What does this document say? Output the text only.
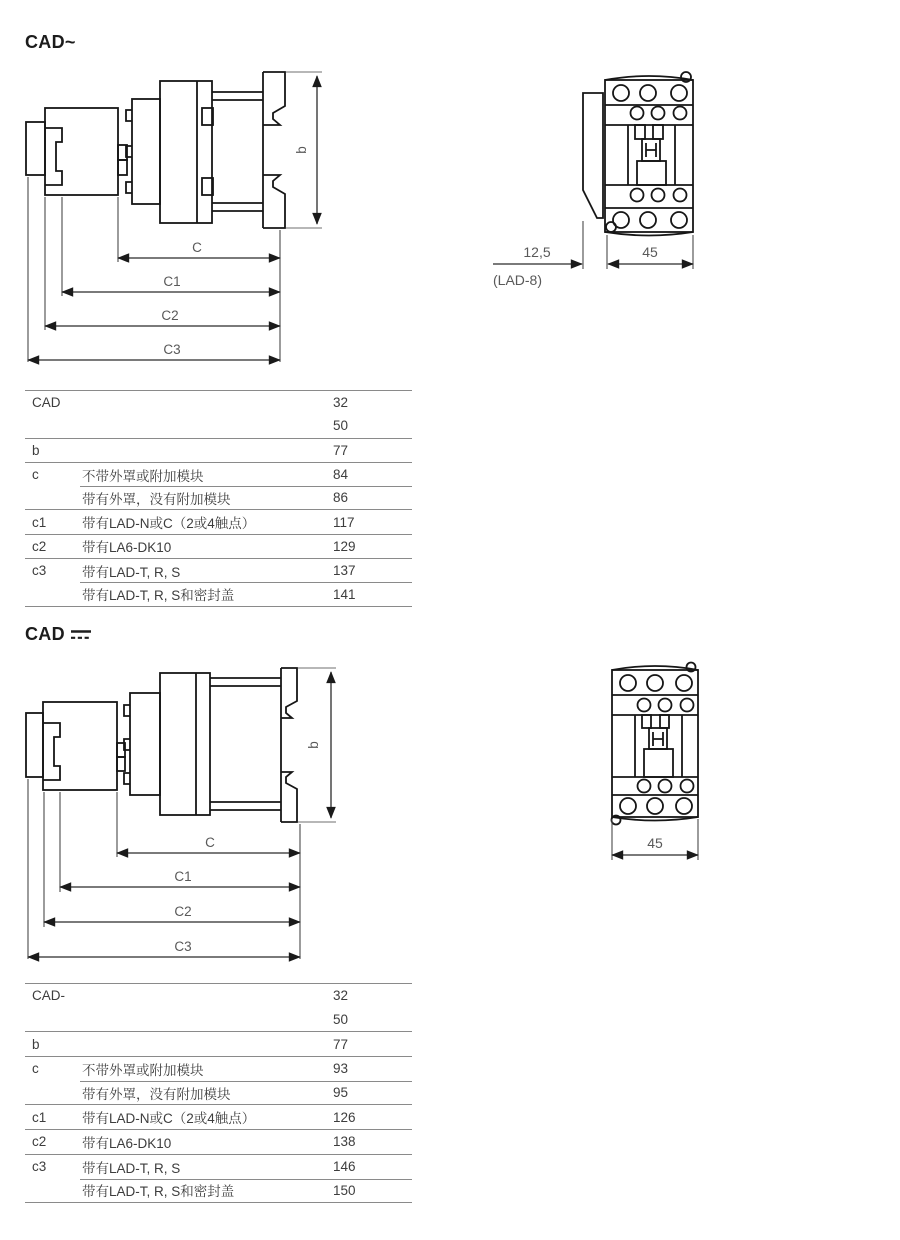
CAD~
b
C
C1
C2
C3
12,5	45
(LAD-8)
CAD	32
50
b	77
c	不带外罩或附加模块	84
带有外罩，没有附加模块	86
c1	带有LAD-N或C（2或4触点）	117
c2	带有LA6-DK10	129
c3	带有LAD-T, R, S	137
带有LAD-T, R, S和密封盖	141
CAD
b
C
C1
C2
C3
45
CAD-	32
50
b	77
c	不带外罩或附加模块	93
带有外罩，没有附加模块	95
c1	带有LAD-N或C（2或4触点）	126
c2	带有LA6-DK10	138
c3	带有LAD-T, R, S	146
带有LAD-T, R, S和密封盖	150
